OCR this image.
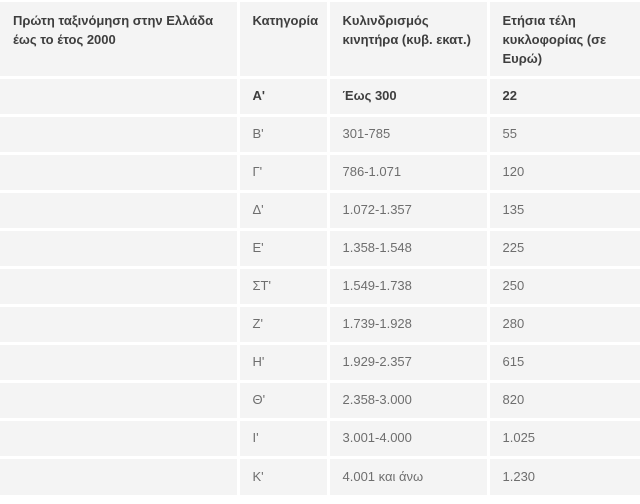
Πρώτη ταξινόμηση στην Ελλάδα έως το έτος 2000	Κατηγορία	Κυλινδρισμός κινητήρα (κυβ. εκατ.)	Ετήσια τέλη κυκλοφορίας (σε Ευρώ)
	Α'	Έως 300	22
	Β'	301-785	55
	Γ'	786-1.071	120
	Δ'	1.072-1.357	135
	Ε'	1.358-1.548	225
	ΣΤ'	1.549-1.738	250
	Ζ'	1.739-1.928	280
	Η'	1.929-2.357	615
	Θ'	2.358-3.000	820
	Ι'	3.001-4.000	1.025
	Κ'	4.001 και άνω	1.230
